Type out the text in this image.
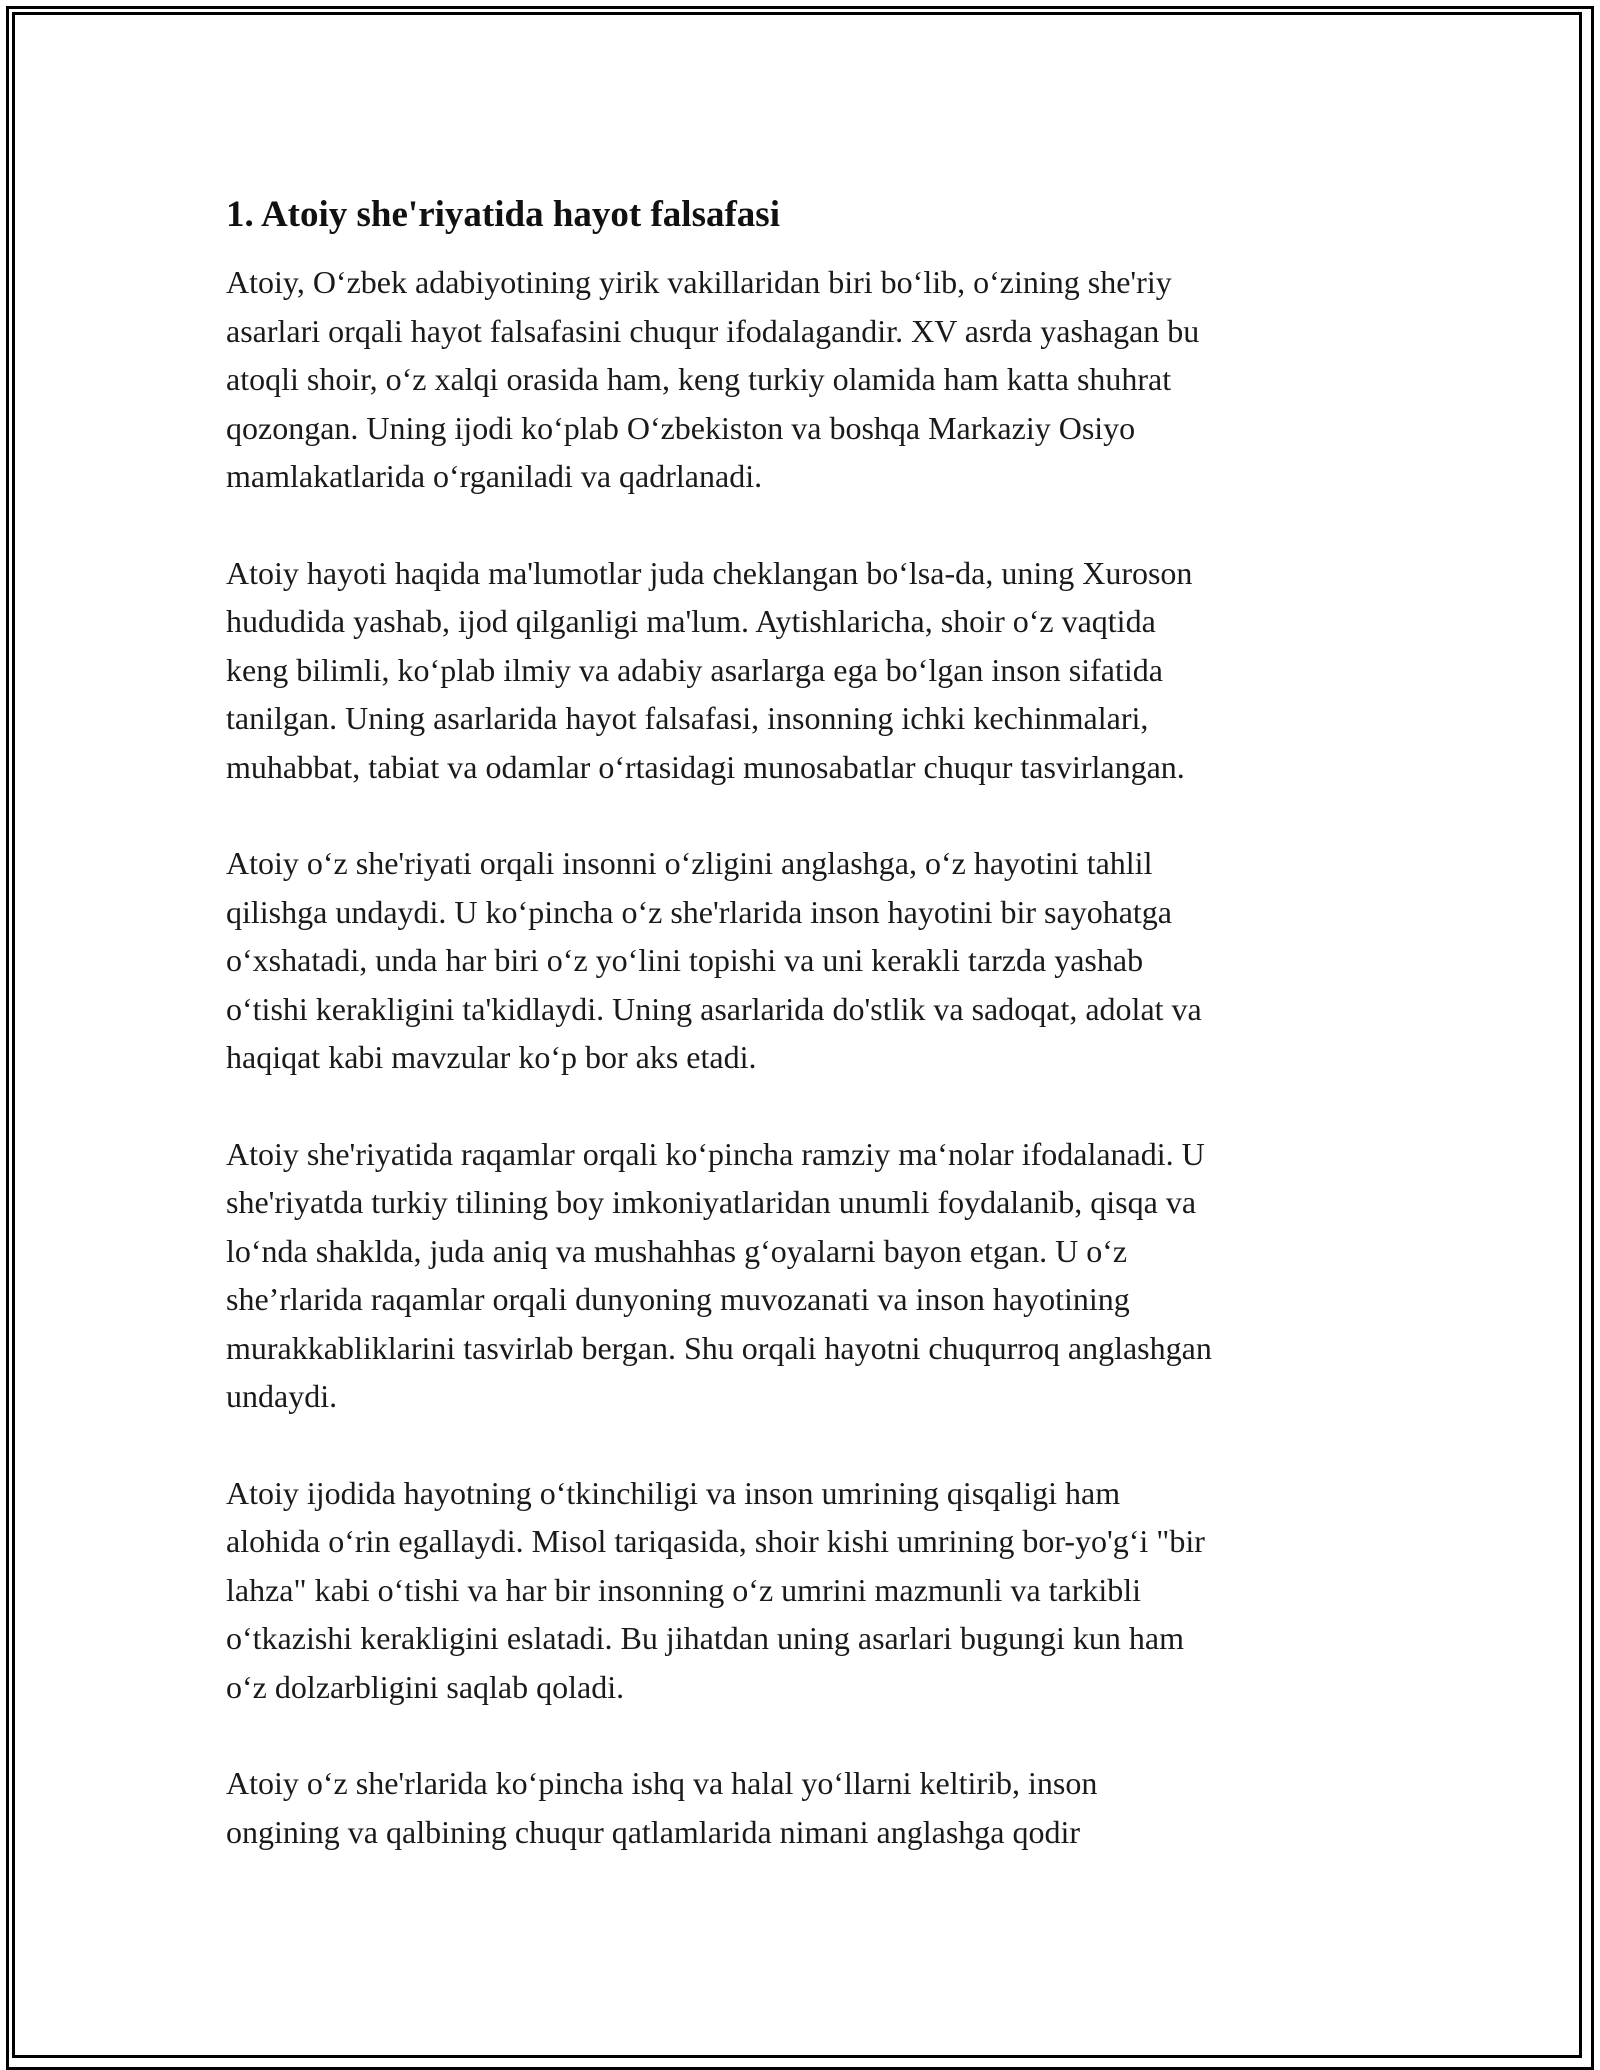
1. Atoiy she'riyatida hayot falsafasi

Atoiy, O‘zbek adabiyotining yirik vakillaridan biri bo‘lib, o‘zining she'riy
asarlari orqali hayot falsafasini chuqur ifodalagandir. XV asrda yashagan bu
atoqli shoir, o‘z xalqi orasida ham, keng turkiy olamida ham katta shuhrat
qozongan. Uning ijodi ko‘plab O‘zbekiston va boshqa Markaziy Osiyo
mamlakatlarida o‘rganiladi va qadrlanadi.

Atoiy hayoti haqida ma'lumotlar juda cheklangan bo‘lsa-da, uning Xuroson
hududida yashab, ijod qilganligi ma'lum. Aytishlaricha, shoir o‘z vaqtida
keng bilimli, ko‘plab ilmiy va adabiy asarlarga ega bo‘lgan inson sifatida
tanilgan. Uning asarlarida hayot falsafasi, insonning ichki kechinmalari,
muhabbat, tabiat va odamlar o‘rtasidagi munosabatlar chuqur tasvirlangan.

Atoiy o‘z she'riyati orqali insonni o‘zligini anglashga, o‘z hayotini tahlil
qilishga undaydi. U ko‘pincha o‘z she'rlarida inson hayotini bir sayohatga
o‘xshatadi, unda har biri o‘z yo‘lini topishi va uni kerakli tarzda yashab
o‘tishi kerakligini ta'kidlaydi. Uning asarlarida do'stlik va sadoqat, adolat va
haqiqat kabi mavzular ko‘p bor aks etadi.

Atoiy she'riyatida raqamlar orqali ko‘pincha ramziy ma‘nolar ifodalanadi. U
she'riyatda turkiy tilining boy imkoniyatlaridan unumli foydalanib, qisqa va
lo‘nda shaklda, juda aniq va mushahhas g‘oyalarni bayon etgan. U o‘z
she’rlarida raqamlar orqali dunyoning muvozanati va inson hayotining
murakkabliklarini tasvirlab bergan. Shu orqali hayotni chuqurroq anglashgan
undaydi.

Atoiy ijodida hayotning o‘tkinchiligi va inson umrining qisqaligi ham
alohida o‘rin egallaydi. Misol tariqasida, shoir kishi umrining bor-yo'g‘i "bir
lahza" kabi o‘tishi va har bir insonning o‘z umrini mazmunli va tarkibli
o‘tkazishi kerakligini eslatadi. Bu jihatdan uning asarlari bugungi kun ham
o‘z dolzarbligini saqlab qoladi.

Atoiy o‘z she'rlarida ko‘pincha ishq va halal yo‘llarni keltirib, inson
ongining va qalbining chuqur qatlamlarida nimani anglashga qodir
